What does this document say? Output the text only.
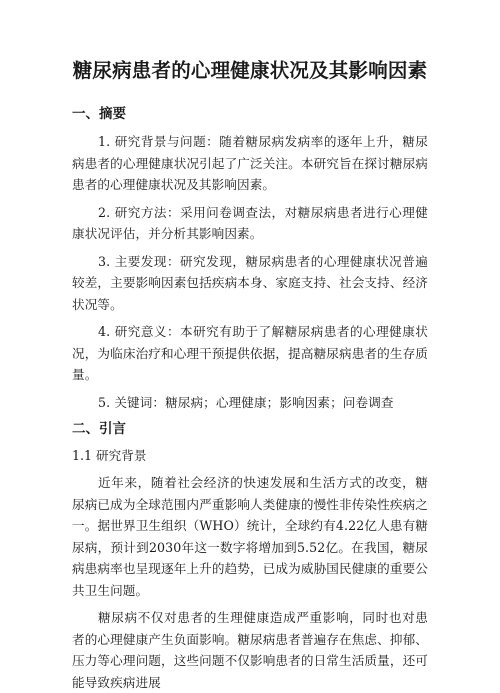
糖尿病患者的心理健康状况及其影响因素
一、摘要
1. 研究背景与问题：随着糖尿病发病率的逐年上升，糖尿病患者的心理健康状况引起了广泛关注。本研究旨在探讨糖尿病患者的心理健康状况及其影响因素。
2. 研究方法：采用问卷调查法，对糖尿病患者进行心理健康状况评估，并分析其影响因素。
3. 主要发现：研究发现，糖尿病患者的心理健康状况普遍较差，主要影响因素包括疾病本身、家庭支持、社会支持、经济状况等。
4. 研究意义：本研究有助于了解糖尿病患者的心理健康状况，为临床治疗和心理干预提供依据，提高糖尿病患者的生存质量。
5. 关键词：糖尿病；心理健康；影响因素；问卷调查
二、引言
1.1 研究背景
近年来，随着社会经济的快速发展和生活方式的改变，糖尿病已成为全球范围内严重影响人类健康的慢性非传染性疾病之一。据世界卫生组织（WHO）统计，全球约有4.22亿人患有糖尿病，预计到2030年这一数字将增加到5.52亿。在我国，糖尿病患病率也呈现逐年上升的趋势，已成为威胁国民健康的重要公共卫生问题。
糖尿病不仅对患者的生理健康造成严重影响，同时也对患者的心理健康产生负面影响。糖尿病患者普遍存在焦虑、抑郁、压力等心理问题，这些问题不仅影响患者的日常生活质量，还可能导致疾病进展
